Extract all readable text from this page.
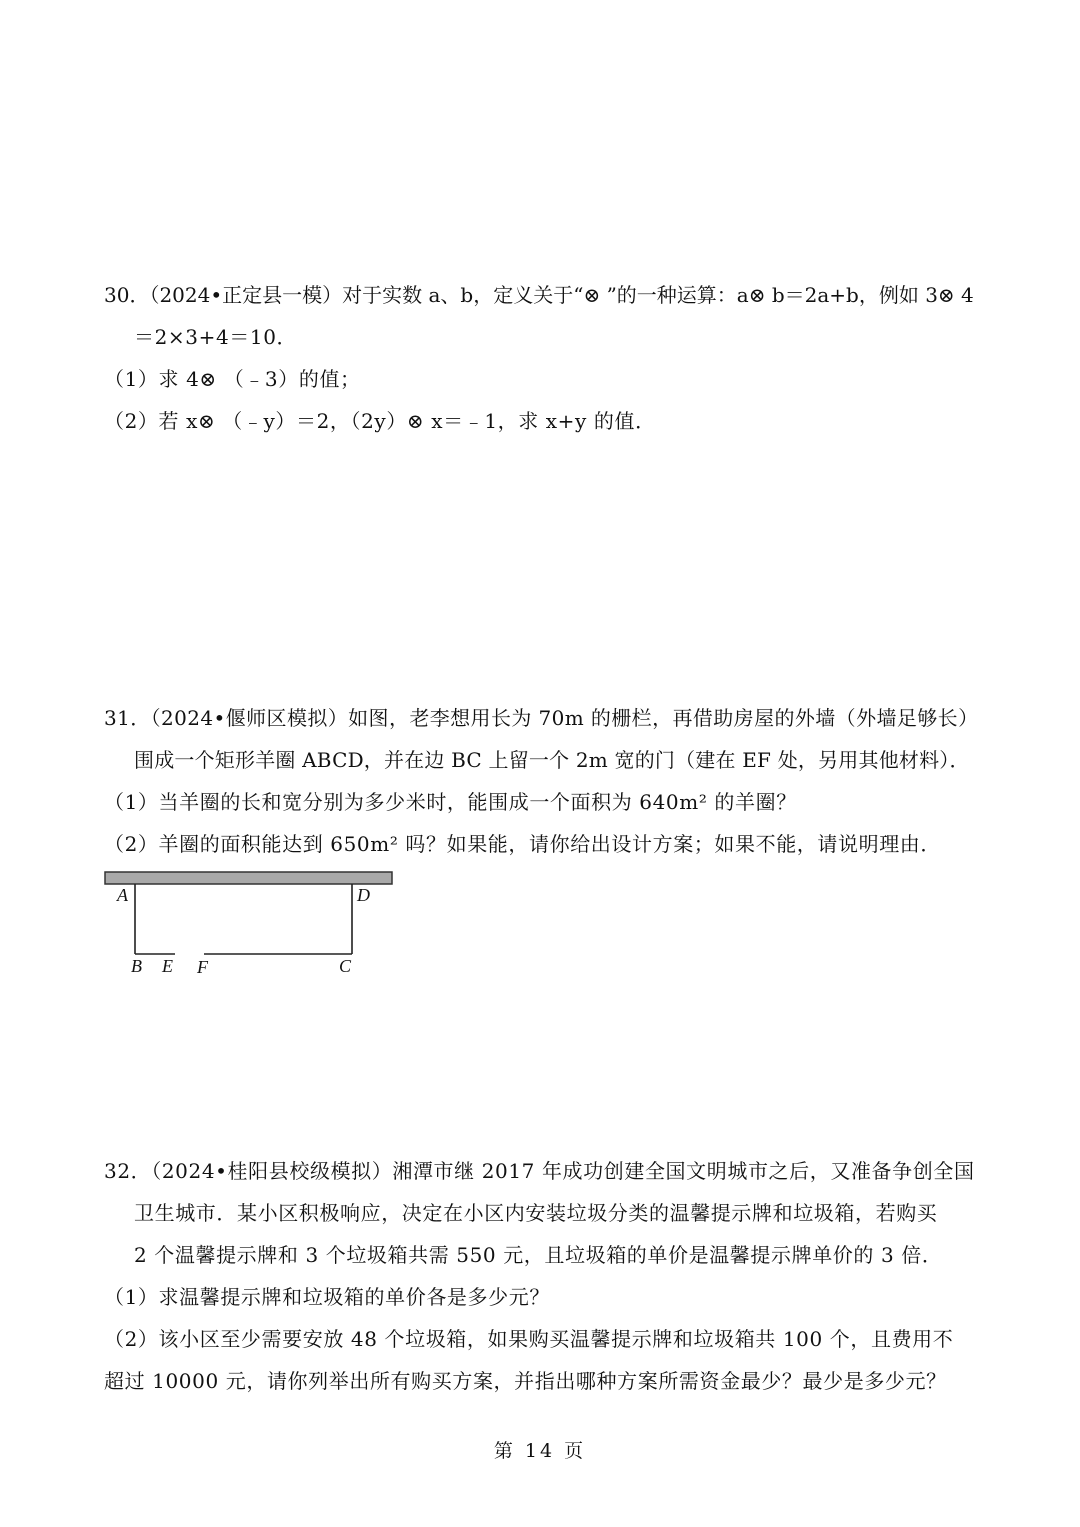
30．（2024•正定县一模）对于实数 a、b，定义关于“⊗ ”的一种运算：a⊗ b＝2a+b，例如 3⊗ 4
＝2×3+4＝10．
（1）求 4⊗ （﹣3）的值；
（2）若 x⊗ （﹣y）＝2，（2y）⊗ x＝﹣1，求 x+y 的值．
31．（2024•偃师区模拟）如图，老李想用长为 70m 的栅栏，再借助房屋的外墙（外墙足够长）
围成一个矩形羊圈 ABCD，并在边 BC 上留一个 2m 宽的门（建在 EF 处，另用其他材料）．
（1）当羊圈的长和宽分别为多少米时，能围成一个面积为 640m² 的羊圈？
（2）羊圈的面积能达到 650m² 吗？如果能，请你给出设计方案；如果不能，请说明理由．
A	D
B E F	C
32．（2024•桂阳县校级模拟）湘潭市继 2017 年成功创建全国文明城市之后，又准备争创全国
卫生城市．某小区积极响应，决定在小区内安装垃圾分类的温馨提示牌和垃圾箱，若购买
2 个温馨提示牌和 3 个垃圾箱共需 550 元，且垃圾箱的单价是温馨提示牌单价的 3 倍．
（1）求温馨提示牌和垃圾箱的单价各是多少元？
（2）该小区至少需要安放 48 个垃圾箱，如果购买温馨提示牌和垃圾箱共 100 个，且费用不
超过 10000 元，请你列举出所有购买方案，并指出哪种方案所需资金最少？最少是多少元？
第 14 页
